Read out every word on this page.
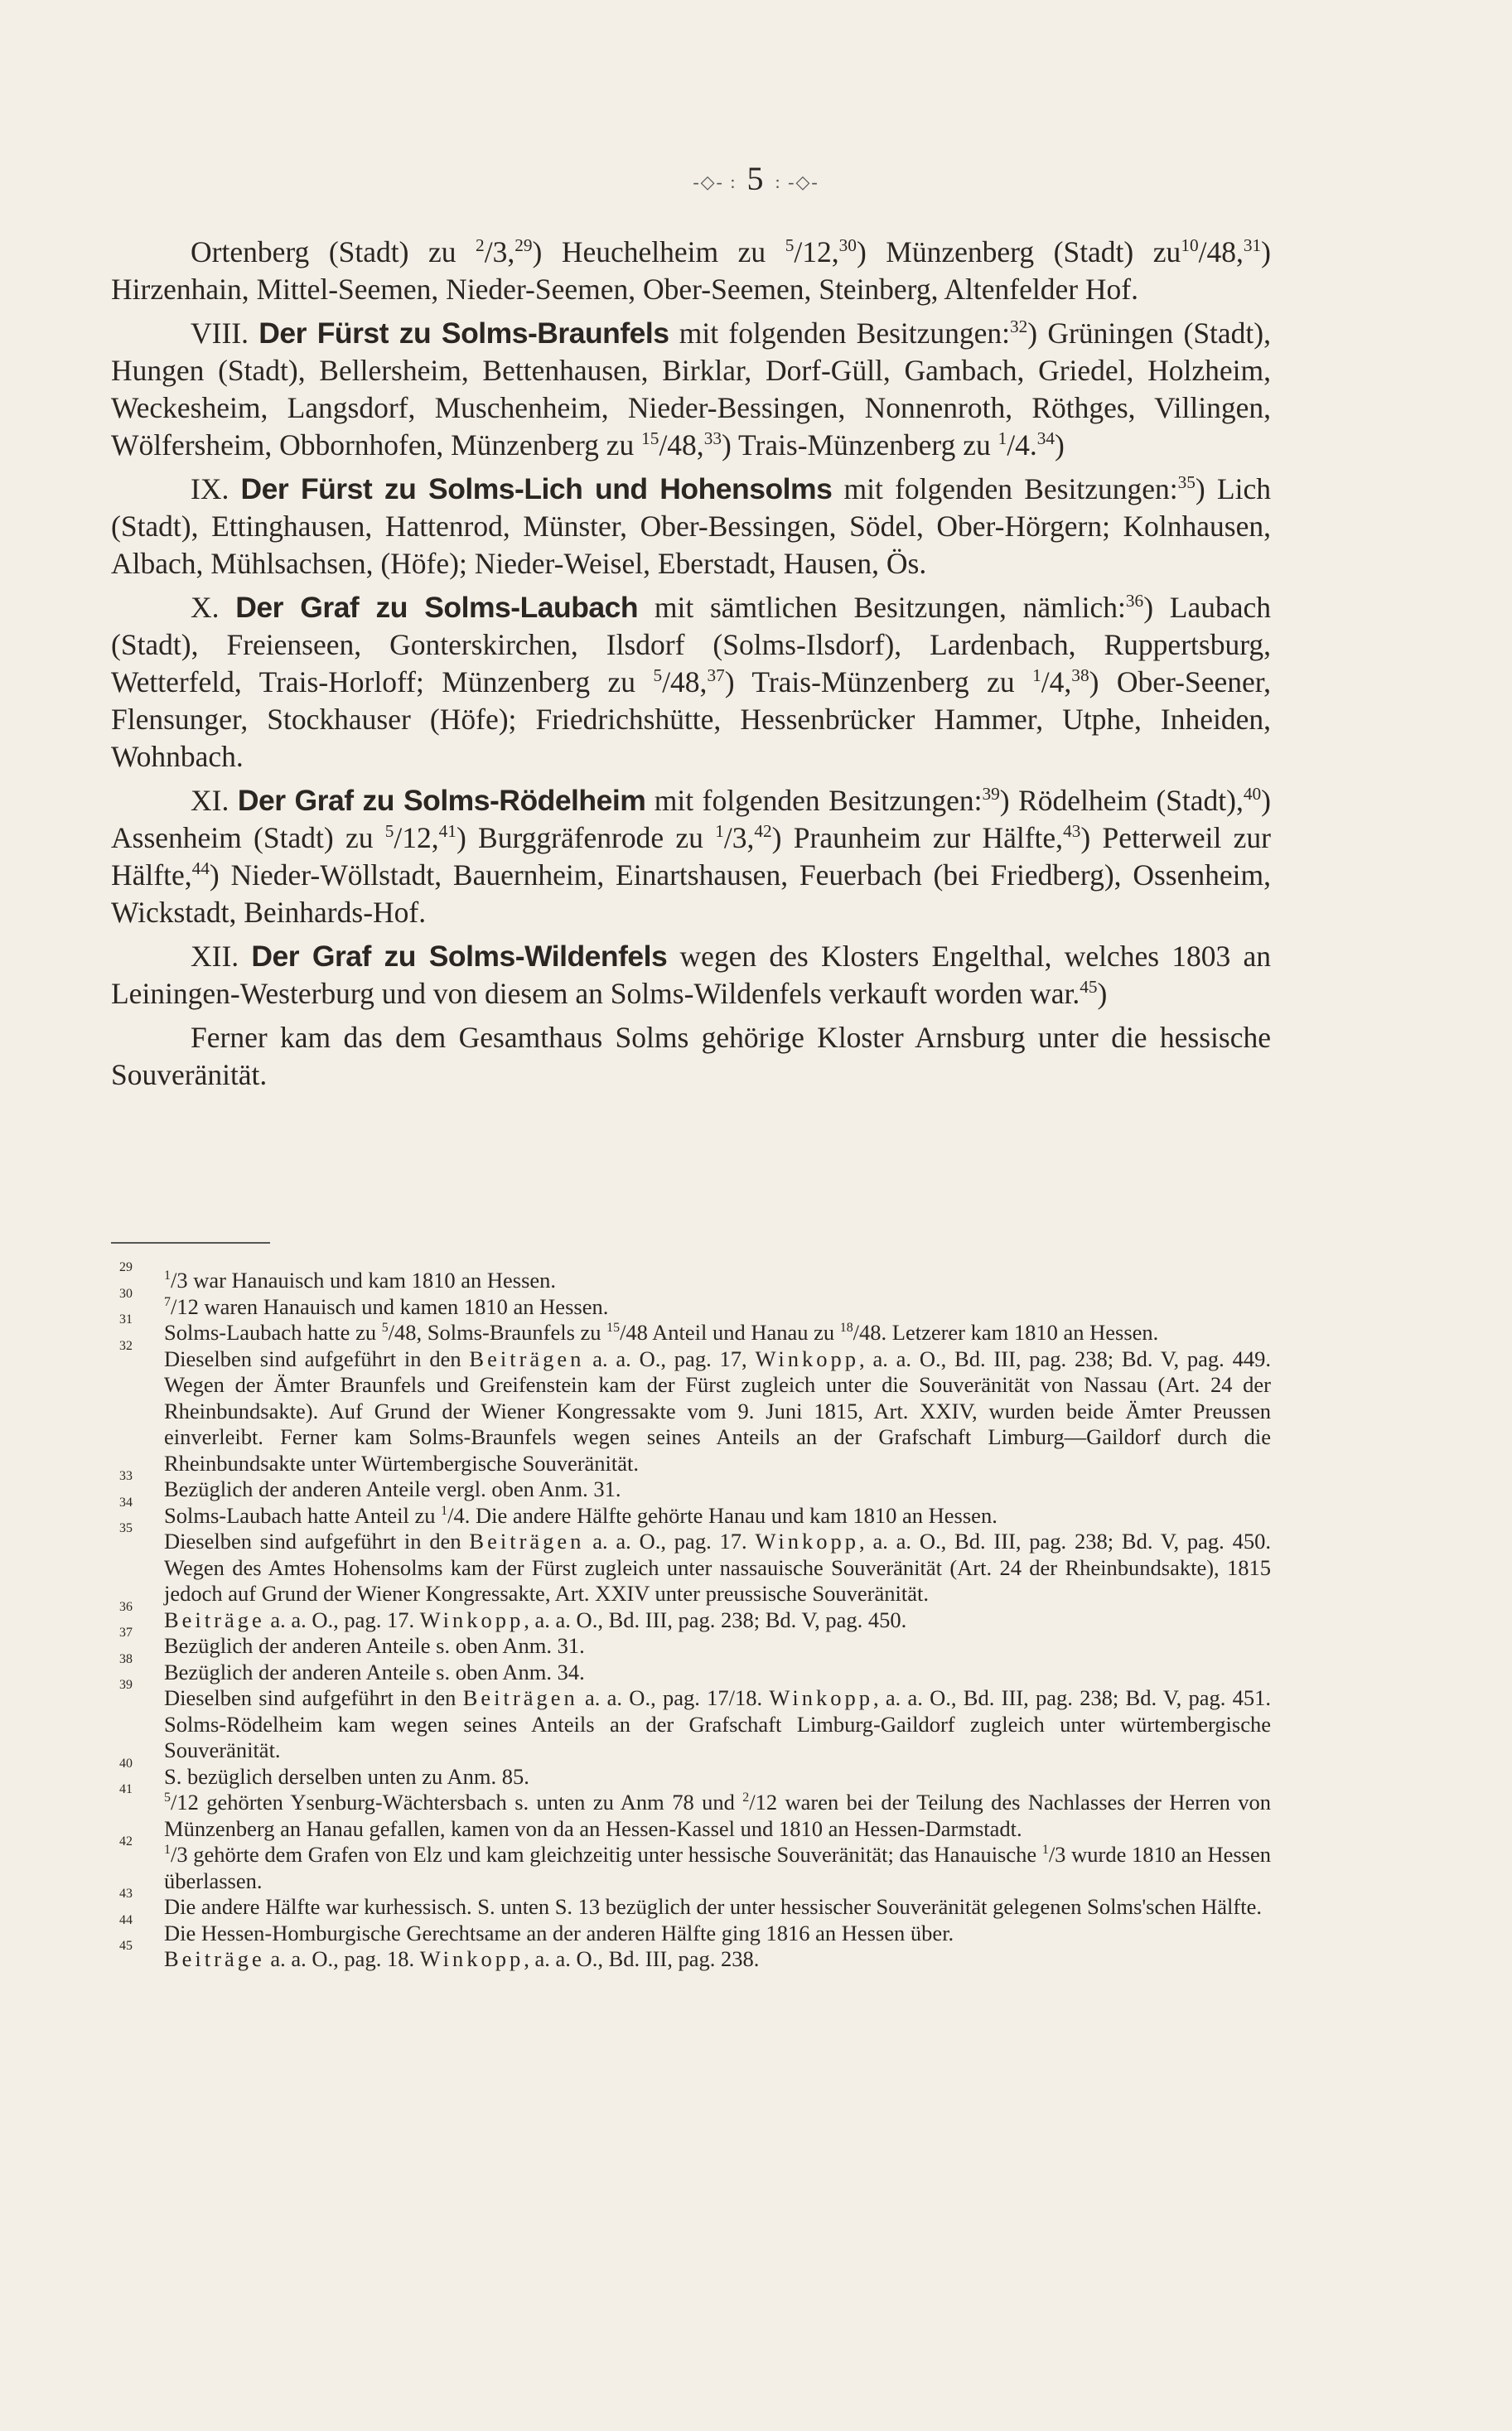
-◇- : 5 : -◇-

Ortenberg (Stadt) zu $^2$/3,29) Heuchelheim zu $^5$/12,30) Münzenberg (Stadt) $zu^{10}/48,31$) Hirzenhain, Mittel-Seemen, Nieder-Seemen, Ober-Seemen, Steinberg, Altenfelder Hof.

VIII. Der Fürst zu Solms-Braunfels mit folgenden Besitzungen:$^{32}$) Grüningen (Stadt), Hungen (Stadt), Bellersheim, Bettenhausen, Birklar, Dorf-Güll, Gambach, Griedel, Holzheim, Weckesheim, Langsdorf, Muschenheim, Nieder-Bessingen, Nonnenroth, Röthges, Villingen, Wölfersheim, Obbornhofen, Münzenberg zu $^{15}$/48,33) Trais-Münzenberg zu $^1$/4.34)

IX. Der Fürst zu Solms-Lich und Hohensolms mit folgenden Besitzungen:$^{35}$) Lich (Stadt), Ettinghausen, Hattenrod, Münster, Ober-Bessingen, Södel, Ober-Hörgern; Kolnhausen, Albach, Mühlsachsen, (Höfe); Nieder-Weisel, Eberstadt, Hausen, Ös.

X. Der Graf zu Solms-Laubach mit sämtlichen Besitzungen, nämlich:$^{36}$) Laubach (Stadt), Freienseen, Gonterskirchen, Ilsdorf (Solms-Ilsdorf), Lardenbach, Ruppertsburg, Wetterfeld, Trais-Horloff; Münzenberg zu $^5$/48,37) Trais-Münzenberg zu $^1$/4,38) Ober-Seener, Flensunger, Stockhauser (Höfe); Friedrichshütte, Hessenbrücker Hammer, Utphe, Inheiden, Wohnbach.

XI. Der Graf zu Solms-Rödelheim mit folgenden Besitzungen:$^{39}$) Rödelheim (Stadt),$^{40}$) Assenheim (Stadt) zu $^5$/12,41) Burggräfenrode zu $^1$/3,42) Praunheim zur Hälfte,$^{43}$) Petterweil zur Hälfte,$^{44}$) Nieder-Wöllstadt, Bauernheim, Einartshausen, Feuerbach (bei Friedberg), Ossenheim, Wickstadt, Beinhards-Hof.

XII. Der Graf zu Solms-Wildenfels wegen des Klosters Engelthal, welches 1803 an Leiningen-Westerburg und von diesem an Solms-Wildenfels verkauft worden war.$^{45}$)

Ferner kam das dem Gesamthaus Solms gehörige Kloster Arnsburg unter die hessische Souveränität.

29
$^1$/3 war Hanauisch und kam 1810 an Hessen.
30
$^7$/12 waren Hanauisch und kamen 1810 an Hessen.
31
Solms-Laubach hatte zu $^5$/48, Solms-Braunfels zu $^{15}$/48 Anteil und Hanau zu $^{18}$/48. Letzerer kam 1810 an Hessen.
32
Dieselben sind aufgeführt in den Beiträgen a. a. O., pag. 17, Winkopp, a. a. O., Bd. III, pag. 238; Bd. V, pag. 449. Wegen der Ämter Braunfels und Greifenstein kam der Fürst zugleich unter die Souveränität von Nassau (Art. 24 der Rheinbundsakte). Auf Grund der Wiener Kongressakte vom 9. Juni 1815, Art. XXIV, wurden beide Ämter Preussen einverleibt. Ferner kam Solms-Braunfels wegen seines Anteils an der Grafschaft Limburg—Gaildorf durch die Rheinbundsakte unter Würtembergische Souveränität.
33
Bezüglich der anderen Anteile vergl. oben Anm. 31.
34
Solms-Laubach hatte Anteil zu $^1$/4. Die andere Hälfte gehörte Hanau und kam 1810 an Hessen.
35
Dieselben sind aufgeführt in den Beiträgen a. a. O., pag. 17. Winkopp, a. a. O., Bd. III, pag. 238; Bd. V, pag. 450. Wegen des Amtes Hohensolms kam der Fürst zugleich unter nassauische Souveränität (Art. 24 der Rheinbundsakte), 1815 jedoch auf Grund der Wiener Kongressakte, Art. XXIV unter preussische Souveränität.
36
Beiträge a. a. O., pag. 17. Winkopp, a. a. O., Bd. III, pag. 238; Bd. V, pag. 450.
37
Bezüglich der anderen Anteile s. oben Anm. 31.
38
Bezüglich der anderen Anteile s. oben Anm. 34.
39
Dieselben sind aufgeführt in den Beiträgen a. a. O., pag. 17/18. Winkopp, a. a. O., Bd. III, pag. 238; Bd. V, pag. 451. Solms-Rödelheim kam wegen seines Anteils an der Grafschaft Limburg-Gaildorf zugleich unter würtembergische Souveränität.
40
S. bezüglich derselben unten zu Anm. 85.
41
$^5$/12 gehörten Ysenburg-Wächtersbach s. unten zu Anm 78 und $^2$/12 waren bei der Teilung des Nachlasses der Herren von Münzenberg an Hanau gefallen, kamen von da an Hessen-Kassel und 1810 an Hessen-Darmstadt.
42
$^1$/3 gehörte dem Grafen von Elz und kam gleichzeitig unter hessische Souveränität; das Hanauische $^1$/3 wurde 1810 an Hessen überlassen.
43
Die andere Hälfte war kurhessisch. S. unten S. 13 bezüglich der unter hessischer Souveränität gelegenen Solms'schen Hälfte.
44
Die Hessen-Homburgische Gerechtsame an der anderen Hälfte ging 1816 an Hessen über.
45
Beiträge a. a. O., pag. 18. Winkopp, a. a. O., Bd. III, pag. 238.
